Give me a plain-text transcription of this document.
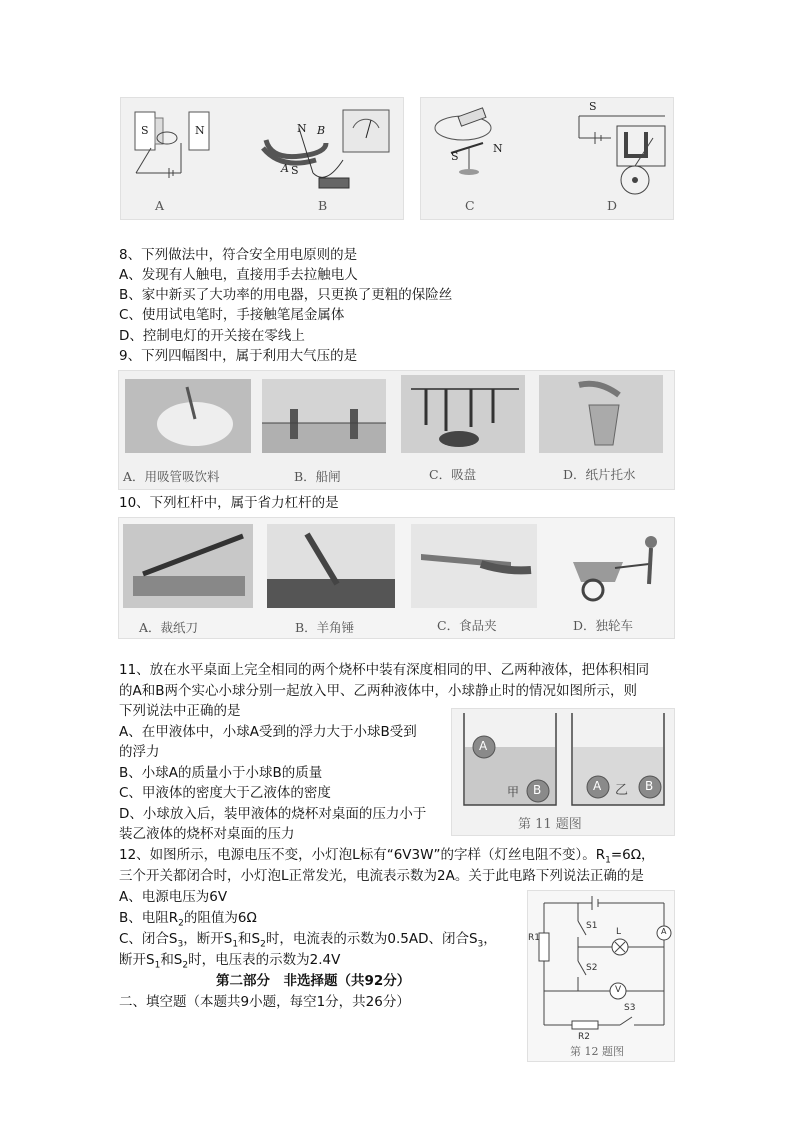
A	B
S	N	N B
A S
C	D
S
N
S
8、下列做法中，符合安全用电原则的是
A、发现有人触电，直接用手去拉触电人
B、家中新买了大功率的用电器，只更换了更粗的保险丝
C、使用试电笔时，手接触笔尾金属体
D、控制电灯的开关接在零线上
9、下列四幅图中，属于利用大气压的是
A．用吸管吸饮料	B．船闸	C．吸盘	D．纸片托水
10、下列杠杆中，属于省力杠杆的是
A．裁纸刀	B．羊角锤	C．食品夹	D．独轮车
11、放在水平桌面上完全相同的两个烧杯中装有深度相同的甲、乙两种液体，把体积相同
的A和B两个实心小球分别一起放入甲、乙两种液体中，小球静止时的情况如图所示，则
下列说法中正确的是
A、在甲液体中，小球A受到的浮力大于小球B受到
的浮力
B、小球A的质量小于小球B的质量
C、甲液体的密度大于乙液体的密度
D、小球放入后，装甲液体的烧杯对桌面的压力小于
装乙液体的烧杯对桌面的压力
A
B	A	B
甲	乙
第 11 题图
12、如图所示，电源电压不变，小灯泡L标有“6V3W”的字样（灯丝电阻不变）。$R_1=6\Omega$，
三个开关都闭合时，小灯泡L正常发光，电流表示数为2A。关于此电路下列说法正确的是
A、电源电压为6V
B、电阻$R_2$的阻值为6Ω
C、闭合$S_3$，断开$S_1$和$S_2$时，电流表的示数为0.5AD、闭合$S_3$，
断开$S_1$和$S_2$时，电压表的示数为2.4V
R1
S1
L	A
S2
V
R2
S3
第 12 题图
第二部分　非选择题（共92分）
二、填空题（本题共9小题，每空1分，共26分）
